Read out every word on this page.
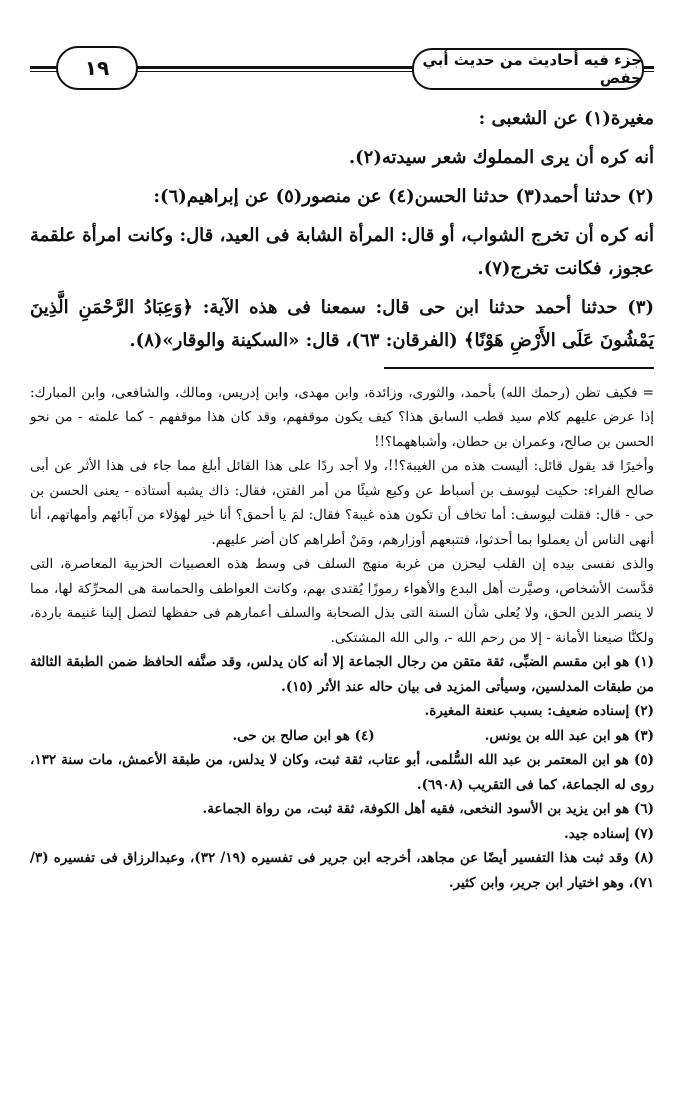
جزء فيه أحاديث من حديث أبي حفص
١٩

مغيرة(١) عن الشعبى :

أنه كره أن يرى المملوك شعر سيدته(٢).

(٢) حدثنا أحمد(٣) حدثنا الحسن(٤) عن منصور(٥) عن إبراهيم(٦):

أنه كره أن تخرج الشواب، أو قال: المرأة الشابة فى العيد، قال: وكانت امرأة علقمة عجوز، فكانت تخرج(٧).

(٣) حدثنا أحمد حدثنا ابن حى قال: سمعنا فى هذه الآية: ﴿وَعِبَادُ الرَّحْمَنِ الَّذِينَ يَمْشُونَ عَلَى الأَرْضِ هَوْنًا﴾ (الفرقان: ٦٣)، قال: «السكينة والوقار»(٨).

= فكيف تظن (رحمك الله) بأحمد، والثورى، وزائدة، وابن مهدى، وابن إدريس، ومالك، والشافعى، وابن المبارك: إذا عرض عليهم كلام سيد قطب السابق هذا؟ كيف يكون موقفهم، وقد كان هذا موقفهم - كما علمته - من نحو الحسن بن صالح، وعمران بن حطان، وأشباههما؟!!

وأخيرًا قد يقول قائل: أليست هذه من الغيبة؟!!، ولا أجد ردًا على هذا القائل أبلغ مما جاء فى هذا الأثر عن أبى صالح الفراء: حكيت ليوسف بن أسباط عن وكيع شيئًا من أمر الفتن، فقال: ذاك يشبه أستاذه - يعنى الحسن بن حى - قال: فقلت ليوسف: أما تخاف أن تكون هذه غيبة؟ فقال: لمَ يا أحمق؟ أنا خير لهؤلاء من آبائهم وأمهاتهم، أنا أنهى الناس أن يعملوا بما أحدثوا، فتتبعهم أوزارهم، ومَنْ أطراهم كان أضر عليهم.

والذى نفسى بيده إن القلب ليحزن من غربة منهج السلف فى وسط هذه العصبيات الحزبية المعاصرة، التى قدَّست الأشخاص، وصيَّرت أهل البدع والأهواء رموزًا يُقتدى بهم، وكانت العواطف والحماسة هى المحرِّكة لها، مما لا ينصر الدين الحق، ولا يُعلى شأن السنة التى بذل الصحابة والسلف أعمارهم فى حفظها لتصل إلينا غنيمة باردة، ولكنَّا ضيعنا الأمانة - إلا من رحم الله -، والى الله المشتكى.

(١) هو ابن مقسم الضبِّى، ثقة متقن من رجال الجماعة إلا أنه كان يدلس، وقد صنَّفه الحافظ ضمن الطبقة الثالثة من طبقات المدلسين، وسيأتى المزيد فى بيان حاله عند الأثر (١٥).

(٢) إسناده ضعيف: بسبب عنعنة المغيرة.

(٣) هو ابن عبد الله بن يونس.

(٤) هو ابن صالح بن حى.

(٥) هو ابن المعتمر بن عبد الله السُّلمى، أبو عتاب، ثقة ثبت، وكان لا يدلس، من طبقة الأعمش، مات سنة ١٣٢، روى له الجماعة، كما فى التقريب (٦٩٠٨).

(٦) هو ابن يزيد بن الأسود النخعى، فقيه أهل الكوفة، ثقة ثبت، من رواة الجماعة.

(٧) إسناده جيد.

(٨) وقد ثبت هذا التفسير أيضًا عن مجاهد، أخرجه ابن جرير فى تفسيره (١٩/ ٣٢)، وعبدالرزاق فى تفسيره (٣/ ٧١)، وهو اختيار ابن جرير، وابن كثير.
